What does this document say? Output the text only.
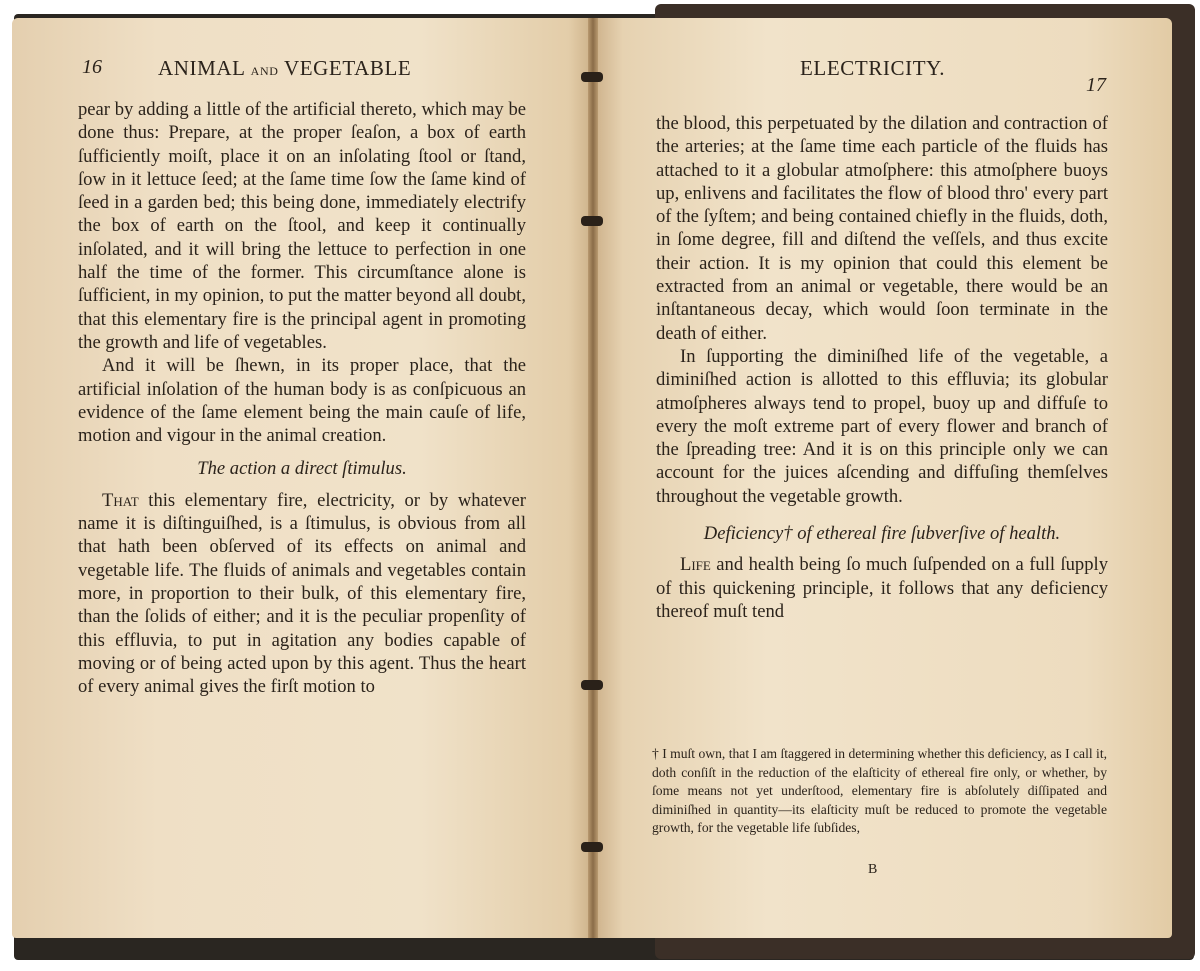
16	ANIMAL and VEGETABLE

pear by adding a little of the artificial thereto, which may be done thus: Prepare, at the proper ſeaſon, a box of earth ſufficiently moiſt, place it on an inſolating ſtool or ſtand, ſow in it lettuce ſeed; at the ſame time ſow the ſame kind of ſeed in a garden bed; this being done, immediately electrify the box of earth on the ſtool, and keep it continually inſolated, and it will bring the lettuce to perfection in one half the time of the former. This circumſtance alone is ſufficient, in my opinion, to put the matter beyond all doubt, that this elementary fire is the principal agent in promoting the growth and life of vegetables.

And it will be ſhewn, in its proper place, that the artificial inſolation of the human body is as conſpicuous an evidence of the ſame element being the main cauſe of life, motion and vigour in the animal creation.

The action a direct ſtimulus.

That this elementary fire, electricity, or by whatever name it is diſtinguiſhed, is a ſtimulus, is obvious from all that hath been obſerved of its effects on animal and vegetable life. The fluids of animals and vegetables contain more, in proportion to their bulk, of this elementary fire, than the ſolids of either; and it is the peculiar propenſity of this effluvia, to put in agitation any bodies capable of moving or of being acted upon by this agent. Thus the heart of every animal gives the firſt motion to

ELECTRICITY.
17

the blood, this perpetuated by the dilation and contraction of the arteries; at the ſame time each particle of the fluids has attached to it a globular atmoſphere: this atmoſphere buoys up, enlivens and facilitates the flow of blood thro' every part of the ſyſtem; and being contained chiefly in the fluids, doth, in ſome degree, fill and diſtend the veſſels, and thus excite their action. It is my opinion that could this element be extracted from an animal or vegetable, there would be an inſtantaneous decay, which would ſoon terminate in the death of either.

In ſupporting the diminiſhed life of the vegetable, a diminiſhed action is allotted to this effluvia; its globular atmoſpheres always tend to propel, buoy up and diffuſe to every the moſt extreme part of every flower and branch of the ſpreading tree: And it is on this principle only we can account for the juices aſcending and diffuſing themſelves throughout the vegetable growth.

Deficiency† of ethereal fire ſubverſive of health.

Life and health being ſo much ſuſpended on a full ſupply of this quickening principle, it follows that any deficiency thereof muſt tend

† I muſt own, that I am ſtaggered in determining whether this deficiency, as I call it, doth conſiſt in the reduction of the elaſticity of ethereal fire only, or whether, by ſome means not yet underſtood, elementary fire is abſolutely diſſipated and diminiſhed in quantity—its elaſticity muſt be reduced to promote the vegetable growth, for the vegetable life ſubſides,
B
